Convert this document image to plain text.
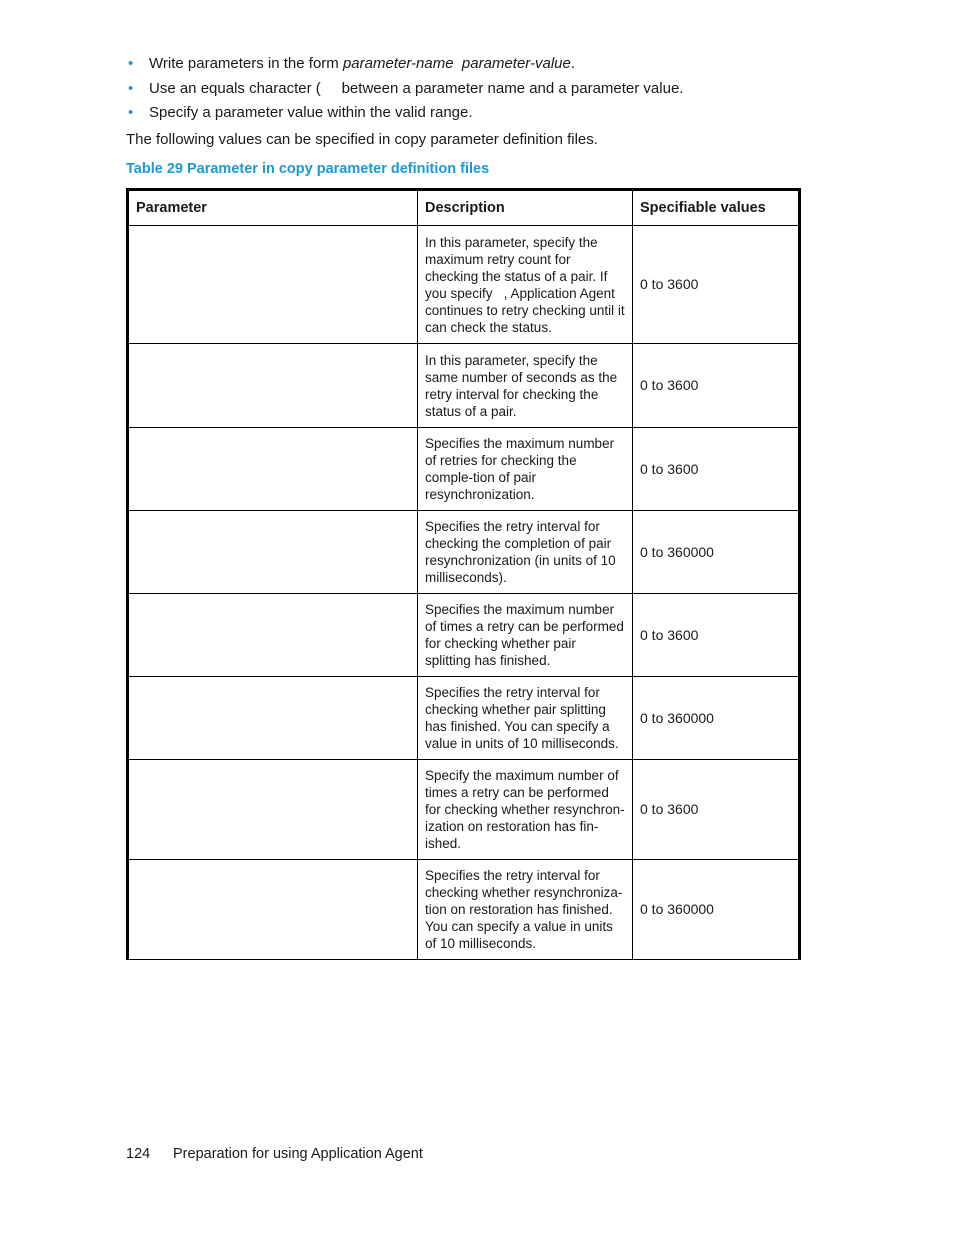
• Write parameters in the form parameter-name parameter-value.
• Use an equals character (     between a parameter name and a parameter value.
• Specify a parameter value within the valid range.

The following values can be specified in copy parameter definition files.

Table 29 Parameter in copy parameter definition files

Parameter	Description	Specifiable values
	In this parameter, specify the maximum retry count for checking the status of a pair. If you specify   , Application Agent continues to retry checking until it can check the status.	0 to 3600
	In this parameter, specify the same number of seconds as the retry interval for checking the status of a pair.	0 to 3600
	Specifies the maximum number of retries for checking the comple-tion of pair resynchronization.	0 to 3600
	Specifies the retry interval for checking the completion of pair resynchronization (in units of 10 milliseconds).	0 to 360000
	Specifies the maximum number of times a retry can be performed for checking whether pair splitting has finished.	0 to 3600
	Specifies the retry interval for checking whether pair splitting has finished. You can specify a value in units of 10 milliseconds.	0 to 360000
	Specify the maximum number of times a retry can be performed for checking whether resynchron-ization on restoration has fin-ished.	0 to 3600
	Specifies the retry interval for checking whether resynchroniza-tion on restoration has finished. You can specify a value in units of 10 milliseconds.	0 to 360000
124 Preparation for using Application Agent
